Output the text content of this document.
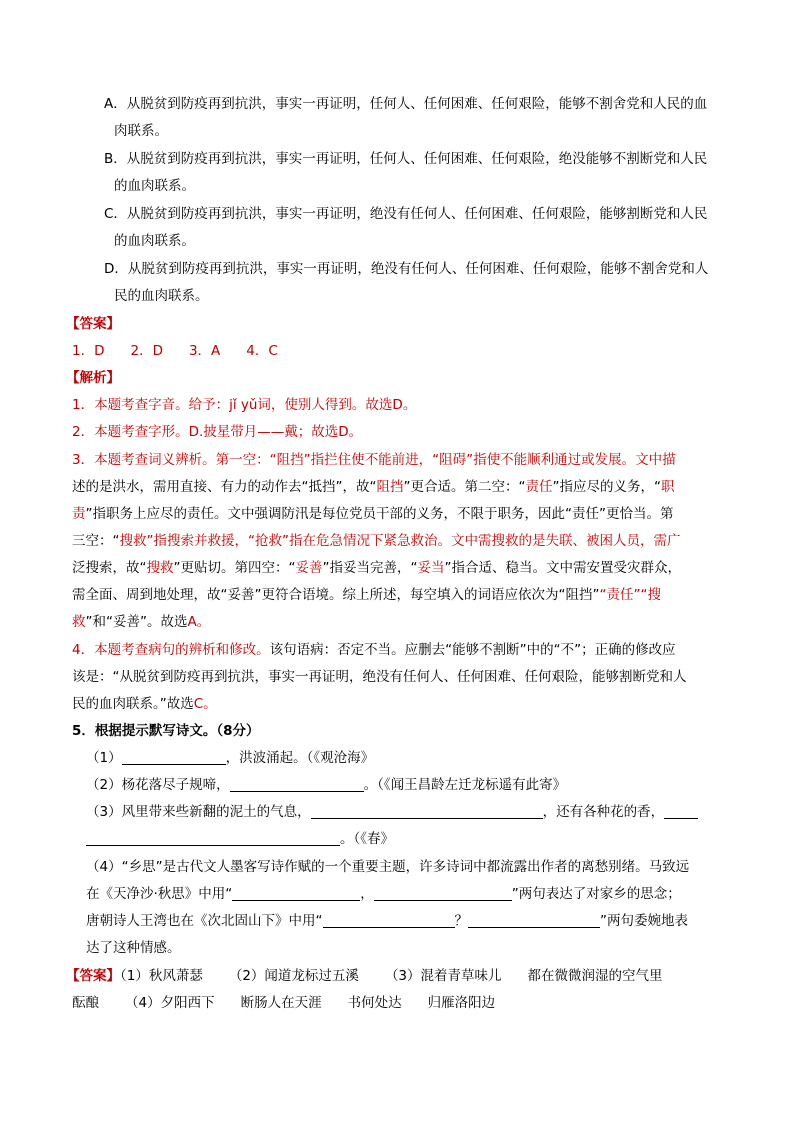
A．从脱贫到防疫再到抗洪，事实一再证明，任何人、任何困难、任何艰险，能够不割舍党和人民的血
肉联系。
B．从脱贫到防疫再到抗洪，事实一再证明，任何人、任何困难、任何艰险，绝没能够不割断党和人民
的血肉联系。
C．从脱贫到防疫再到抗洪，事实一再证明，绝没有任何人、任何困难、任何艰险，能够割断党和人民
的血肉联系。
D．从脱贫到防疫再到抗洪，事实一再证明，绝没有任何人、任何困难、任何艰险，能够不割舍党和人
民的血肉联系。
【答案】
1．D 2．D 3．A 4．C
【解析】
1．本题考查字音。给予：jǐ yǔ词，使别人得到。故选D。
2．本题考查字形。D.披星带月——戴；故选D。
3．本题考查词义辨析。第一空：“阻挡”指拦住使不能前进，“阻碍”指使不能顺利通过或发展。文中描
述的是洪水，需用直接、有力的动作去“抵挡”，故“阻挡”更合适。第二空：“责任”指应尽的义务，“职
责”指职务上应尽的责任。文中强调防汛是每位党员干部的义务，不限于职务，因此“责任”更恰当。第
三空：“搜救”指搜索并救援，“抢救”指在危急情况下紧急救治。文中需搜救的是失联、被困人员，需广
泛搜索，故“搜救”更贴切。第四空：“妥善”指妥当完善，“妥当”指合适、稳当。文中需安置受灾群众，
需全面、周到地处理，故“妥善”更符合语境。综上所述，每空填入的词语应依次为“阻挡”“责任”“搜
救”和“妥善”。故选A。
4．本题考查病句的辨析和修改。该句语病：否定不当。应删去“能够不割断”中的“不”；正确的修改应
该是：“从脱贫到防疫再到抗洪，事实一再证明，绝没有任何人、任何困难、任何艰险，能够割断党和人
民的血肉联系。”故选C。
5．根据提示默写诗文。（8分）
（1）	，洪波涌起。（《观沧海》
（2）杨花落尽子规啼，	。（《闻王昌龄左迁龙标遥有此寄》
（3）风里带来些新翻的泥土的气息，	，还有各种花的香，
。（《春》
（4）“乡思”是古代文人墨客写诗作赋的一个重要主题，许多诗词中都流露出作者的离愁别绪。马致远
在《天净沙·秋思》中用“	，	”两句表达了对家乡的思念；
唐朝诗人王湾也在《次北固山下》中用“	？	”两句委婉地表
达了这种情感。
【答案】（1）秋风萧瑟 （2）闻道龙标过五溪 （3）混着青草味儿 都在微微润湿的空气里
酝酿 （4）夕阳西下 断肠人在天涯 书何处达 归雁洛阳边
